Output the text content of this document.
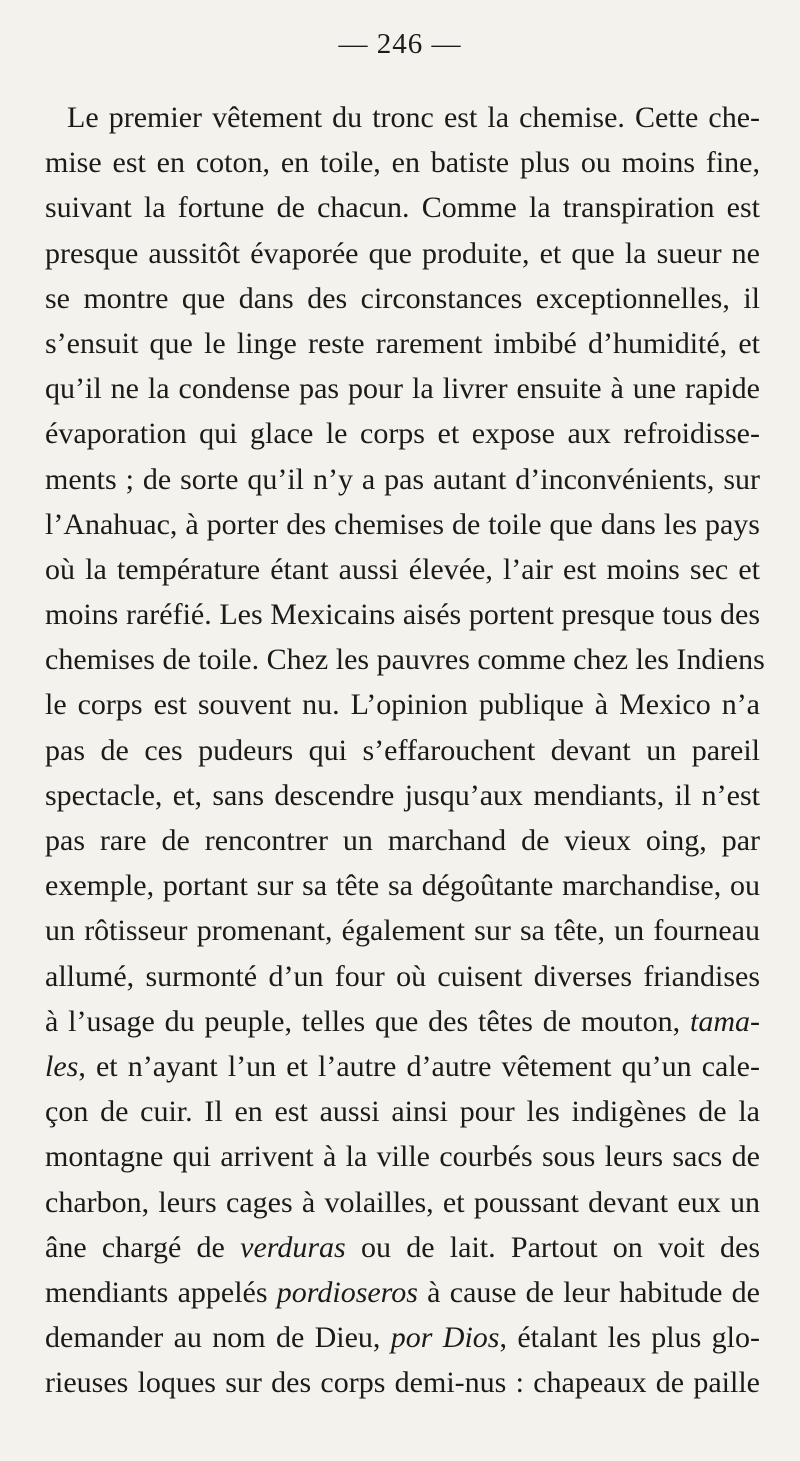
— 246 —
Le premier vêtement du tronc est la chemise. Cette che-
mise est en coton, en toile, en batiste plus ou moins fine,
suivant la fortune de chacun. Comme la transpiration est
presque aussitôt évaporée que produite, et que la sueur ne
se montre que dans des circonstances exceptionnelles, il
s’ensuit que le linge reste rarement imbibé d’humidité, et
qu’il ne la condense pas pour la livrer ensuite à une rapide
évaporation qui glace le corps et expose aux refroidisse-
ments ; de sorte qu’il n’y a pas autant d’inconvénients, sur
l’Anahuac, à porter des chemises de toile que dans les pays
où la température étant aussi élevée, l’air est moins sec et
moins raréfié. Les Mexicains aisés portent presque tous des
chemises de toile. Chez les pauvres comme chez les Indiens
le corps est souvent nu. L’opinion publique à Mexico n’a
pas de ces pudeurs qui s’effarouchent devant un pareil
spectacle, et, sans descendre jusqu’aux mendiants, il n’est
pas rare de rencontrer un marchand de vieux oing, par
exemple, portant sur sa tête sa dégoûtante marchandise, ou
un rôtisseur promenant, également sur sa tête, un fourneau
allumé, surmonté d’un four où cuisent diverses friandises
à l’usage du peuple, telles que des têtes de mouton, tama-
les, et n’ayant l’un et l’autre d’autre vêtement qu’un cale-
çon de cuir. Il en est aussi ainsi pour les indigènes de la
montagne qui arrivent à la ville courbés sous leurs sacs de
charbon, leurs cages à volailles, et poussant devant eux un
âne chargé de verduras ou de lait. Partout on voit des
mendiants appelés pordioseros à cause de leur habitude de
demander au nom de Dieu, por Dios, étalant les plus glo-
rieuses loques sur des corps demi-nus : chapeaux de paille
